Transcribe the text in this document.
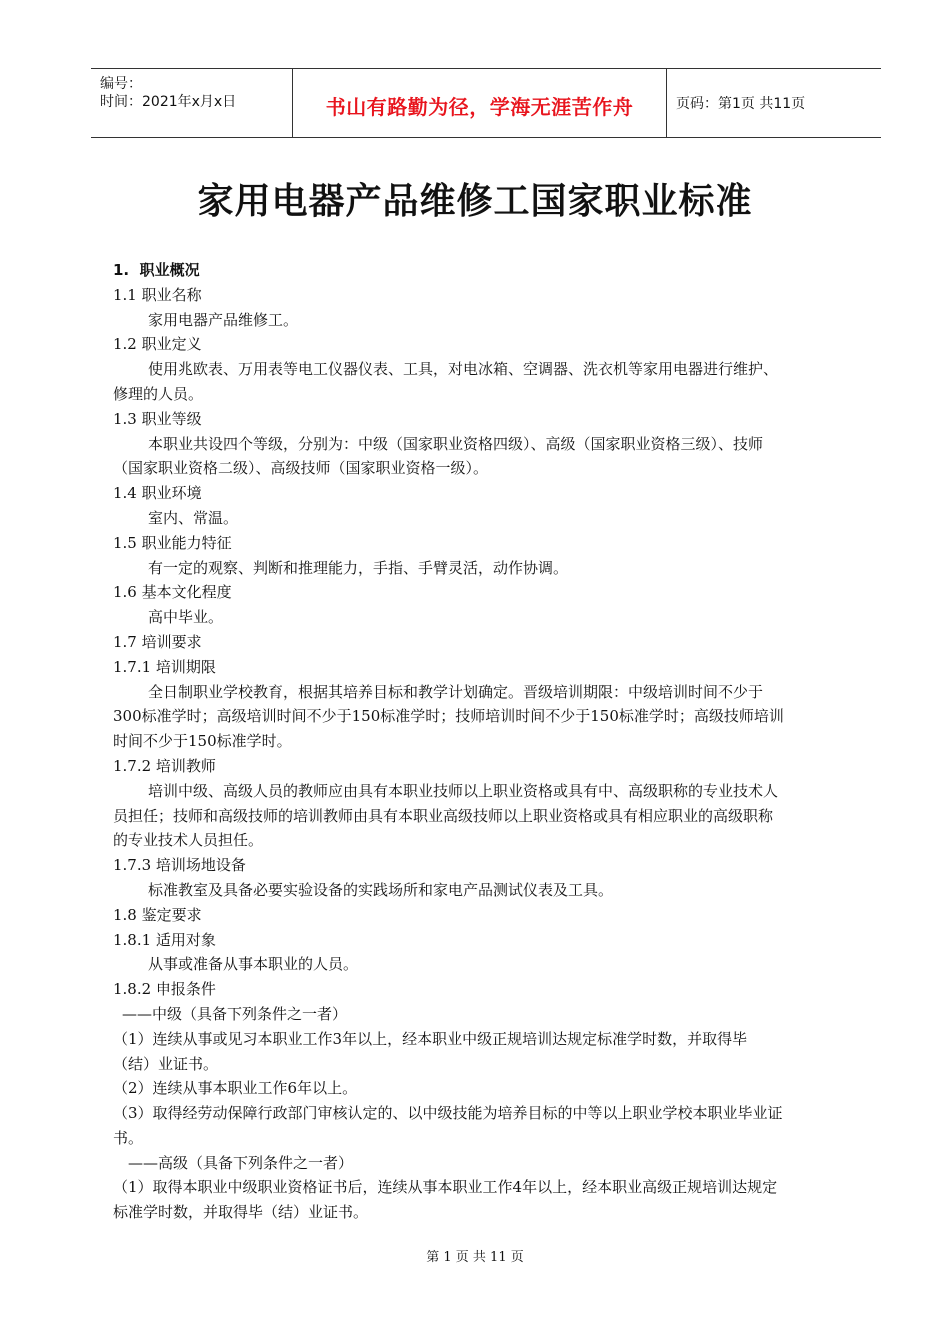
编号：
时间：2021年x月x日	书山有路勤为径，学海无涯苦作舟	页码：第1页 共11页
家用电器产品维修工国家职业标准
1.  职业概况
1.1 职业名称
家用电器产品维修工。
1.2 职业定义
使用兆欧表、万用表等电工仪器仪表、工具，对电冰箱、空调器、洗衣机等家用电器进行维护、
修理的人员。
1.3 职业等级
本职业共设四个等级，分别为：中级（国家职业资格四级）、高级（国家职业资格三级）、技师
（国家职业资格二级）、高级技师（国家职业资格一级）。
1.4 职业环境
室内、常温。
1.5 职业能力特征
有一定的观察、判断和推理能力，手指、手臂灵活，动作协调。
1.6 基本文化程度
高中毕业。
1.7 培训要求
1.7.1 培训期限
全日制职业学校教育，根据其培养目标和教学计划确定。晋级培训期限：中级培训时间不少于
300标准学时；高级培训时间不少于150标准学时；技师培训时间不少于150标准学时；高级技师培训
时间不少于150标准学时。
1.7.2 培训教师
培训中级、高级人员的教师应由具有本职业技师以上职业资格或具有中、高级职称的专业技术人
员担任；技师和高级技师的培训教师由具有本职业高级技师以上职业资格或具有相应职业的高级职称
的专业技术人员担任。
1.7.3 培训场地设备
标准教室及具备必要实验设备的实践场所和家电产品测试仪表及工具。
1.8 鉴定要求
1.8.1 适用对象
从事或准备从事本职业的人员。
1.8.2 申报条件
——中级（具备下列条件之一者）
（1）连续从事或见习本职业工作3年以上，经本职业中级正规培训达规定标准学时数，并取得毕
（结）业证书。
（2）连续从事本职业工作6年以上。
（3）取得经劳动保障行政部门审核认定的、以中级技能为培养目标的中等以上职业学校本职业毕业证
书。
——高级（具备下列条件之一者）
（1）取得本职业中级职业资格证书后，连续从事本职业工作4年以上，经本职业高级正规培训达规定
标准学时数，并取得毕（结）业证书。
第 1 页 共 11 页
